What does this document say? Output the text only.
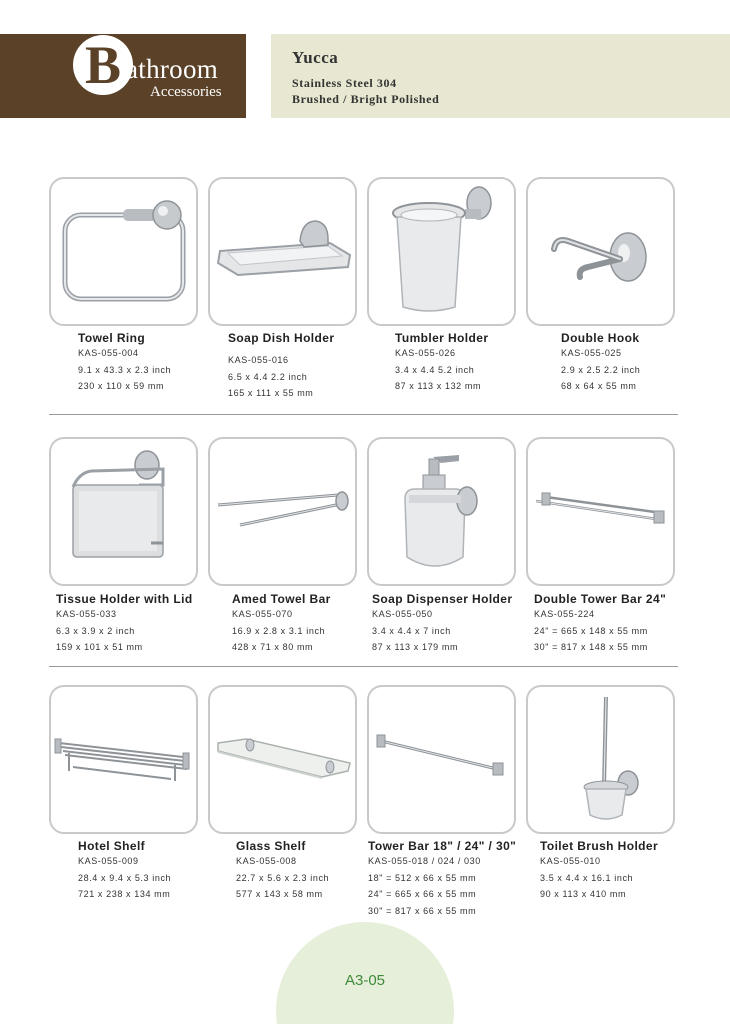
B athroom
Accessories
Yucca
Stainless Steel 304
Brushed / Bright Polished
Towel Ring
KAS-055-004
9.1 x 43.3 x 2.3 inch
230 x 110 x 59 mm
Soap Dish Holder
KAS-055-016
6.5 x 4.4 2.2 inch
165 x 111 x 55 mm
Tumbler Holder
KAS-055-026
3.4 x 4.4 5.2 inch
87 x 113 x 132 mm
Double Hook
KAS-055-025
2.9 x 2.5 2.2 inch
68 x 64 x 55 mm
Tissue Holder with Lid
KAS-055-033
6.3 x 3.9 x 2 inch
159 x 101 x 51 mm
Amed Towel Bar
KAS-055-070
16.9 x 2.8 x 3.1 inch
428 x 71 x 80 mm
Soap Dispenser Holder
KAS-055-050
3.4 x 4.4 x 7 inch
87 x 113 x 179 mm
Double Tower Bar 24"
KAS-055-224
24" = 665 x 148 x 55 mm
30" = 817 x 148 x 55 mm
Hotel Shelf
KAS-055-009
28.4 x 9.4 x 5.3 inch
721 x 238 x 134 mm
Glass Shelf
KAS-055-008
22.7 x 5.6 x 2.3 inch
577 x 143 x 58 mm
Tower Bar 18" / 24" / 30"
KAS-055-018 / 024 / 030
18" = 512 x 66 x 55 mm
24" = 665 x 66 x 55 mm
30" = 817 x 66 x 55 mm
Toilet Brush Holder
KAS-055-010
3.5 x 4.4 x 16.1 inch
90 x 113 x 410 mm
A3-05
